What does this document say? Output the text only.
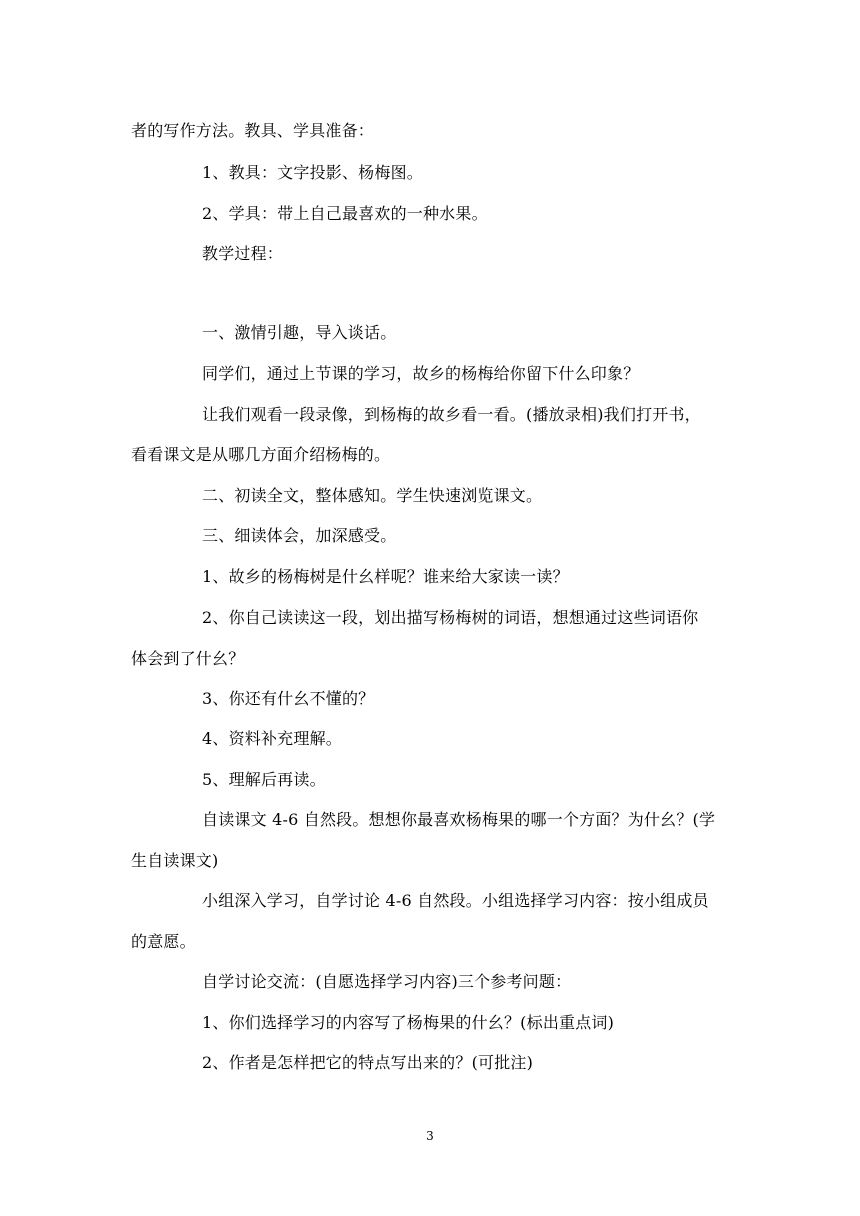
者的写作方法。教具、学具准备：
1、教具：文字投影、杨梅图。
2、学具：带上自己最喜欢的一种水果。
教学过程：
一、激情引趣，导入谈话。
同学们，通过上节课的学习，故乡的杨梅给你留下什么印象？
让我们观看一段录像，到杨梅的故乡看一看。(播放录相)我们打开书，
看看课文是从哪几方面介绍杨梅的。
二、初读全文，整体感知。学生快速浏览课文。
三、细读体会，加深感受。
1、故乡的杨梅树是什幺样呢？谁来给大家读一读？
2、你自己读读这一段，划出描写杨梅树的词语，想想通过这些词语你
体会到了什幺？
3、你还有什幺不懂的？
4、资料补充理解。
5、理解后再读。
自读课文 4-6 自然段。想想你最喜欢杨梅果的哪一个方面？为什幺？(学
生自读课文)
小组深入学习，自学讨论 4-6 自然段。小组选择学习内容：按小组成员
的意愿。
自学讨论交流：(自愿选择学习内容)三个参考问题：
1、你们选择学习的内容写了杨梅果的什幺？(标出重点词)
2、作者是怎样把它的特点写出来的？(可批注)
3
